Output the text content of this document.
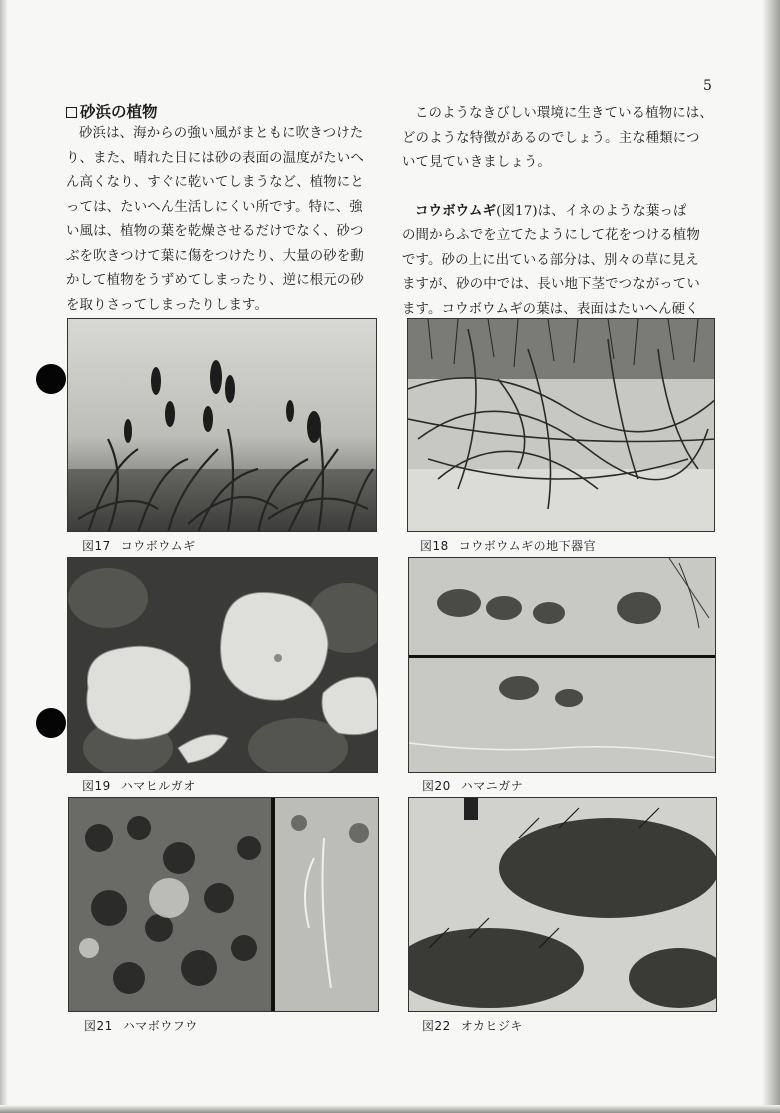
5
砂浜の植物

砂浜は、海からの強い風がまともに吹きつけた

り、また、晴れた日には砂の表面の温度がたいへ

ん高くなり、すぐに乾いてしまうなど、植物にと

っては、たいへん生活しにくい所です。特に、強

い風は、植物の葉を乾燥させるだけでなく、砂つ

ぶを吹きつけて葉に傷をつけたり、大量の砂を動

かして植物をうずめてしまったり、逆に根元の砂

を取りさってしまったりします。

このようなきびしい環境に生きている植物には、

どのような特徴があるのでしょう。主な種類につ

いて見ていきましょう。

コウボウムギ(図17)は、イネのような葉っぱ

の間からふでを立てたようにして花をつける植物

です。砂の上に出ている部分は、別々の草に見え

ますが、砂の中では、長い地下茎でつながってい

ます。コウボウムギの葉は、表面はたいへん硬く

図17 コウボウムギ	図18 コウボウムギの地下器官
図19 ハマヒルガオ	図20 ハマニガナ
図21 ハマボウフウ	図22 オカヒジキ
